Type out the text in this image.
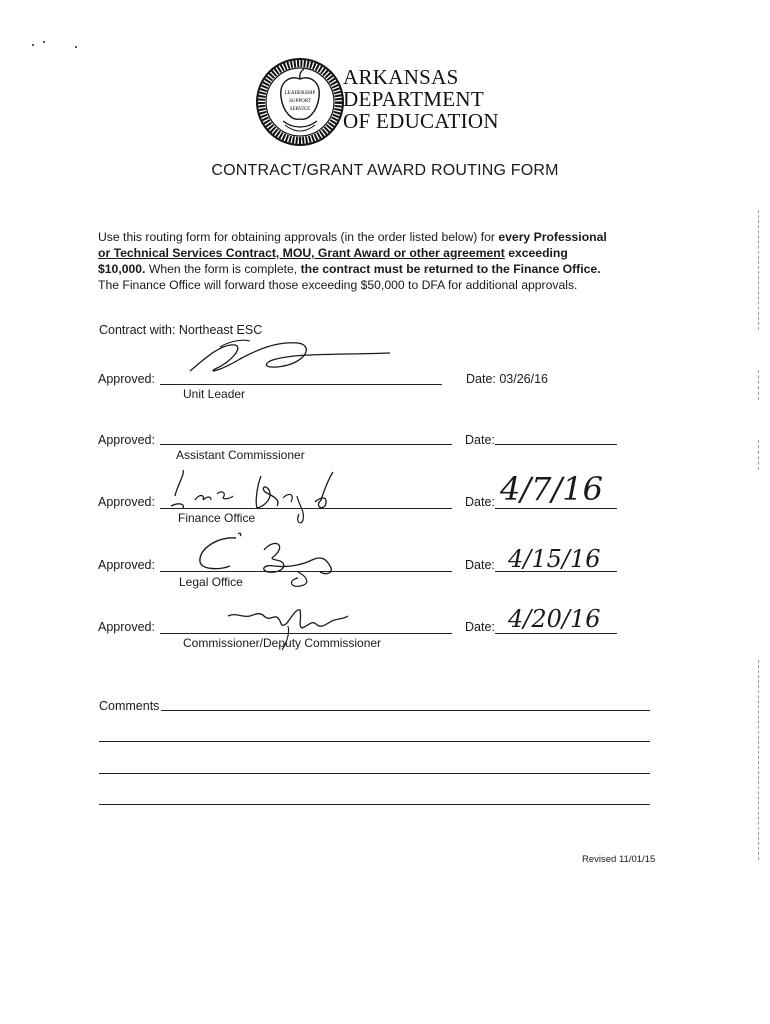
LEADERSHIP
SUPPORT
SERVICE
ARKANSAS
DEPARTMENT
OF EDUCATION
CONTRACT/GRANT AWARD ROUTING FORM
Use this routing form for obtaining approvals (in the order listed below) for every Professional
or Technical Services Contract, MOU, Grant Award or other agreement exceeding
$10,000. When the form is complete, the contract must be returned to the Finance Office.
The Finance Office will forward those exceeding $50,000 to DFA for additional approvals.
Contract with: Northeast ESC
Approved:
Unit Leader
Date: 03/26/16
Approved:
Assistant Commissioner
Date:
Approved:
Finance Office
Date: 4/7/16
Approved:
Legal Office
Date: 4/15/16
Approved:
Commissioner/Deputy Commissioner
Date: 4/20/16
Comments
Revised 11/01/15
